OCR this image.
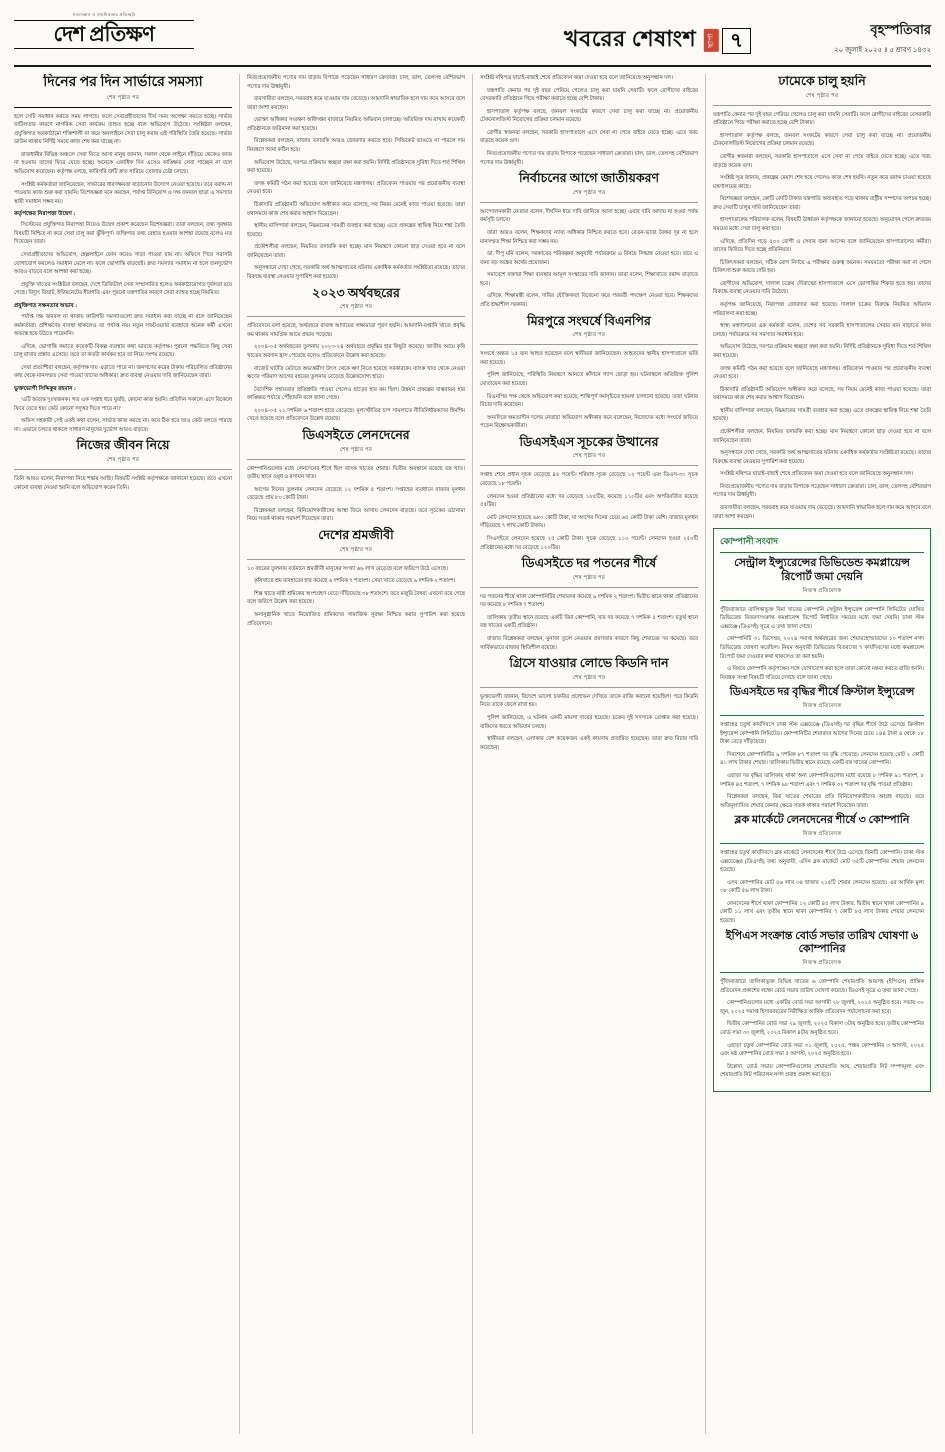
সত্যসন্ধান ও সাহসিকতার প্রতিচ্ছবি
দেশ প্রতিক্ষণ	খবরের শেষাংশ ছাপা ৭	বৃহস্পতিবার
২০ জুলাই ২০২৫ ॥ ৫ শ্রাবণ ১৪৩২
দিনের পর দিন সার্ভারে সমস্যা
শেষ পৃষ্ঠার পর

হলে সেটি সমাধান করতে সময় লাগছে। ফলে সেবাগ্রহীতাদের দীর্ঘ সময় অপেক্ষা করতে হচ্ছে। সার্ভার জটিলতার কারণে নাগরিক সেবা কার্যক্রম ব্যাহত হচ্ছে বলে অভিযোগ উঠেছে। সংশ্লিষ্টরা বলছেন, প্রযুক্তিগত অবকাঠামো শক্তিশালী না করে অনলাইনে সেবা চালু করায় এই পরিস্থিতি তৈরি হয়েছে। সার্ভার ডাউন থাকায় নির্দিষ্ট সময়ে কাজ শেষ করা যাচ্ছে না।

রাজধানীর বিভিন্ন অঞ্চলে সেবা নিতে আসা মানুষ জানান, সকাল থেকে লাইনে দাঁড়িয়ে থেকেও কাজ না হওয়ায় তাদের ফিরে যেতে হচ্ছে। অনেকে একাধিক দিন এসেও কাঙ্ক্ষিত সেবা পাচ্ছেন না বলে অভিযোগ করেছেন। কর্তৃপক্ষ বলছে, কারিগরি ত্রুটি দ্রুত সারিয়ে তোলার চেষ্টা চলছে।

সংশ্লিষ্ট কর্মকর্তারা জানিয়েছেন, সার্ভারের ধারণক্ষমতা বাড়ানোর উদ্যোগ নেওয়া হয়েছে। তবে বরাদ্দ না পাওয়ায় কাজ শুরু করা যায়নি। বিশেষজ্ঞরা মনে করছেন, পর্যাপ্ত বিনিয়োগ ও দক্ষ জনবল ছাড়া এ সমস্যার স্থায়ী সমাধান সম্ভব নয়।

কর্তৃপক্ষের নিরাপত্তা উদ্বেগ :

সিস্টেমের প্রযুক্তিগত নিরাপত্তা নিয়েও উদ্বেগ প্রকাশ করেছেন বিশেষজ্ঞরা। তারা বলছেন, তথ্য সুরক্ষার বিষয়টি নিশ্চিত না করে সেবা চালু করা ঝুঁকিপূর্ণ। ব্যক্তিগত তথ্য বেহাত হওয়ার আশঙ্কা রয়েছে বলেও মত দিয়েছেন তারা।

সেবাগ্রহীতাদের অভিযোগ, হেল্পলাইনে ফোন করেও সাড়া পাওয়া যায় না। অফিসে গিয়ে সরাসরি যোগাযোগ করলেও সমাধান মেলে না। ফলে ভোগান্তি বাড়ছেই। দ্রুত সমস্যার সমাধান না হলে জনদুর্ভোগ আরও বাড়বে বলে আশঙ্কা করা হচ্ছে।

প্রযুক্তি খাতের সংশ্লিষ্টরা বলছেন, দেশে ডিজিটাল সেবা সম্প্রসারিত হলেও অবকাঠামোগত দুর্বলতা রয়ে গেছে। বিদ্যুৎ বিভ্রাট, ইন্টারনেটের ধীরগতি এবং পুরনো যন্ত্রপাতির কারণে সেবা ব্যাহত হচ্ছে নিয়মিত।

প্রযুক্তিগত সক্ষমতার অভাব :

পর্যাপ্ত দক্ষ জনবল না থাকায় কারিগরি সমস্যাগুলো দ্রুত সমাধান করা যাচ্ছে না বলে জানিয়েছেন কর্মকর্তারা। প্রশিক্ষণের ব্যবস্থা থাকলেও তা পর্যাপ্ত নয়। নতুন সফটওয়্যার ব্যবহারে অনেক কর্মী এখনো অভ্যস্ত হয়ে উঠতে পারেননি।

এদিকে, ভোগান্তি কমাতে কয়েকটি বিকল্প ব্যবস্থার কথা ভাবছে কর্তৃপক্ষ। পুরনো পদ্ধতিতে কিছু সেবা চালু রাখার প্রস্তাব এসেছে। তবে তা কতটা কার্যকর হবে তা নিয়ে সংশয় রয়েছে।

সেবা প্রত্যাশীরা বলছেন, কর্তৃপক্ষ দায় এড়াতে পারে না। জনগণের করের টাকায় পরিচালিত প্রতিষ্ঠানের কাছ থেকে মানসম্মত সেবা পাওয়া তাদের অধিকার। দ্রুত ব্যবস্থা নেওয়ার দাবি জানিয়েছেন তারা।

ভুক্তভোগী সিদ্দিকুর রহমান :

'এটি অত্যন্ত দুঃখজনক। গত এক সপ্তাহ ধরে ঘুরছি, কোনো কাজ হয়নি। প্রতিদিন সকালে এসে বিকেলে ফিরে যেতে হয়। কেউ কোনো সদুত্তর দিতে পারে না।'

অফিস সহকারী সেই একই কথা বলেন, সার্ভার কাজ করছে না। কবে ঠিক হবে তাও কেউ বলতে পারছে না। এভাবে চলতে থাকলে সাধারণ মানুষের দুর্ভোগ আরও বাড়বে।

নিজের জীবন নিয়ে
শেষ পৃষ্ঠার পর

তিনি আরও বলেন, নিরাপত্তা নিয়ে শঙ্কায় আছি। বিষয়টি সংশ্লিষ্ট কর্তৃপক্ষকে জানানো হয়েছে। তবে এখনো কোনো ব্যবস্থা নেওয়া হয়নি বলে অভিযোগ করেন তিনি।

নিত্যপ্রয়োজনীয় পণ্যের দাম বাড়ায় বিপাকে পড়েছেন সাধারণ ক্রেতারা। চাল, ডাল, তেলসহ বেশিরভাগ পণ্যের দাম ঊর্ধ্বমুখী।

ব্যবসায়ীরা বলছেন, সরবরাহ কমে যাওয়ায় দাম বেড়েছে। আমদানি স্বাভাবিক হলে দাম কমে আসবে বলে তারা আশা করছেন।

ভোক্তা অধিকার সংরক্ষণ অধিদপ্তর বাজারে নিয়মিত অভিযান চালাচ্ছে। অতিরিক্ত দাম রাখায় কয়েকটি প্রতিষ্ঠানকে জরিমানা করা হয়েছে।

বিশ্লেষকরা বলছেন, বাজার তদারকি আরও জোরদার করতে হবে। সিন্ডিকেট ভাঙতে না পারলে দাম নিয়ন্ত্রণে আনা কঠিন হবে।

অভিযোগ উঠেছে, দরপত্র প্রক্রিয়ায় স্বচ্ছতা রক্ষা করা হয়নি। নির্দিষ্ট প্রতিষ্ঠানকে সুবিধা দিতে শর্ত শিথিল করা হয়েছে।

তদন্ত কমিটি গঠন করা হয়েছে বলে জানিয়েছে মন্ত্রণালয়। প্রতিবেদন পাওয়ার পর প্রয়োজনীয় ব্যবস্থা নেওয়া হবে।

ঠিকাদারি প্রতিষ্ঠানটি অভিযোগ অস্বীকার করে বলেছে, সব নিয়ম মেনেই কাজ পাওয়া হয়েছে। তারা যথাসময়ে কাজ শেষ করার আশ্বাস দিয়েছেন।

স্থানীয় বাসিন্দারা বলছেন, নিম্নমানের সামগ্রী ব্যবহার করা হচ্ছে। এতে প্রকল্পের স্থায়িত্ব নিয়ে শঙ্কা তৈরি হয়েছে।

প্রকৌশলীরা বলছেন, নিয়মিত তদারকি করা হচ্ছে। মান নিয়ন্ত্রণে কোনো ছাড় দেওয়া হবে না বলে জানিয়েছেন তারা।

অনুসন্ধানে দেখা গেছে, সরকারি অর্থ আত্মসাতের ঘটনায় একাধিক কর্মকর্তার সংশ্লিষ্টতা রয়েছে। তাদের বিরুদ্ধে ব্যবস্থা নেওয়ার সুপারিশ করা হয়েছে।

২০২৩ অর্থবছরের
শেষ পৃষ্ঠার পর

প্রতিবেদনে বলা হয়েছে, অর্থবছরে রাজস্ব আদায়ের লক্ষ্যমাত্রা পূরণ হয়নি। আমদানি-রপ্তানি খাতে প্রবৃদ্ধি কম থাকায় সামগ্রিক আয়ে প্রভাব পড়েছে।

২০০৪-০৫ অর্থবছরের তুলনায় ২০২৩-২৪ অর্থবছরে প্রবৃদ্ধির হার কিছুটা কমেছে। জাতীয় আয়ে কৃষি খাতের অবদান হ্রাস পেয়েছে বলেও প্রতিবেদনে উল্লেখ করা হয়েছে।

বাজেট ঘাটতি মেটাতে অভ্যন্তরীণ উৎস থেকে ঋণ নিতে হয়েছে সরকারকে। ব্যাংক খাত থেকে নেওয়া ঋণের পরিমাণ আগের বছরের তুলনায় বেড়েছে উল্লেখযোগ্য হারে।

বৈদেশিক সহায়তার প্রতিশ্রুতি পাওয়া গেলেও ছাড়ের হার কম ছিল। উন্নয়ন প্রকল্পের বাস্তবায়ন হার কাঙ্ক্ষিত পর্যায়ে পৌঁছায়নি বলে জানা গেছে।

২০০৪-০৫ ২১ দশমিক ৬ শতাংশ হারে বেড়েছে। মূল্যস্ফীতির চাপ সামলাতে নীতিনির্ধারকদের হিমশিম খেতে হয়েছে বলে প্রতিবেদনে উল্লেখ রয়েছে।

ডিএসইতে লেনদেনের
শেষ পৃষ্ঠার পর

কোম্পানিগুলোর মধ্যে লেনদেনের শীর্ষে ছিল ব্যাংক খাতের শেয়ার। দ্বিতীয় অবস্থানে রয়েছে বস্ত্র খাত। তৃতীয় স্থানে ওষুধ ও রসায়ন খাত।

আগের দিনের তুলনায় লেনদেন বেড়েছে ১২ দশমিক ৫ শতাংশ। সপ্তাহের ব্যবধানে বাজার মূলধন বেড়েছে প্রায় ৮০ কোটি টাকা।

বিশ্লেষকরা বলছেন, বিনিয়োগকারীদের আস্থা ফিরে আসায় লেনদেন বাড়ছে। তবে সূচকের ওঠানামা নিয়ে সতর্ক থাকার পরামর্শ দিয়েছেন তারা।

দেশের শ্রমজীবী
শেষ পৃষ্ঠার পর

১০ বছরের তুলনায় বর্তমানে শ্রমজীবী মানুষের সংখ্যা ৬৬ লাখ বেড়েছে বলে জরিপে উঠে এসেছে।

কৃষিখাতে শ্রম ব্যবহারের হার কমেছে ৬ দশমিক ৭ শতাংশ। সেবা খাতে বেড়েছে ৯ দশমিক ২ শতাংশ।

শিল্প খাতে নারী শ্রমিকের অংশগ্রহণ বেড়ে দাঁড়িয়েছে ৩৮ শতাংশে। তবে মজুরি বৈষম্য এখনো রয়ে গেছে বলে জরিপে উল্লেখ করা হয়েছে।

অনানুষ্ঠানিক খাতে নিয়োজিত শ্রমিকদের সামাজিক সুরক্ষা নিশ্চিত করার সুপারিশ করা হয়েছে প্রতিবেদনে।

সংশ্লিষ্ট নথিপত্র যাচাই-বাছাই শেষে প্রতিবেদন জমা দেওয়া হবে বলে জানিয়েছে অনুসন্ধান দল।

যন্ত্রপাতি কেনার পর দুই বছর পেরিয়ে গেলেও চালু করা যায়নি সেবাটি। ফলে রোগীদের বাইরের বেসরকারি প্রতিষ্ঠানে গিয়ে পরীক্ষা করাতে হচ্ছে বেশি টাকায়।

হাসপাতাল কর্তৃপক্ষ বলছে, জনবল সংকটের কারণে সেবা চালু করা যাচ্ছে না। প্রয়োজনীয় টেকনোলজিস্ট নিয়োগের প্রক্রিয়া চলমান রয়েছে।

রোগীর স্বজনরা বলছেন, সরকারি হাসপাতালে এসে সেবা না পেয়ে বাইরে যেতে হচ্ছে। এতে খরচ বাড়ছে কয়েক গুণ।

নিত্যপ্রয়োজনীয় পণ্যের দাম বাড়ায় বিপাকে পড়েছেন সাধারণ ক্রেতারা। চাল, ডাল, তেলসহ বেশিরভাগ পণ্যের দাম ঊর্ধ্বমুখী।

নির্বাচনের আগে জাতীয়করণ
শেষ পৃষ্ঠার পর

আন্দোলনকারী নেতারা বলেন, দীর্ঘদিন ধরে দাবি জানিয়ে আসা হচ্ছে। এবার দাবি আদায় না হওয়া পর্যন্ত কর্মসূচি চলবে।

তারা আরও বলেন, শিক্ষকদের ন্যায্য অধিকার নিশ্চিত করতে হবে। বেতন-ভাতা বৈষম্য দূর না হলে মানসম্মত শিক্ষা নিশ্চিত করা সম্ভব নয়।

ডা. দীপু মনি বলেন, সরকারের পরিকল্পনা অনুযায়ী পর্যায়ক্রমে এ বিষয়ে সিদ্ধান্ত নেওয়া হবে। তবে এ জন্য বড় অঙ্কের অর্থের প্রয়োজন।

সমাবেশে বক্তারা শিক্ষা ব্যবস্থার আমূল সংস্কারের দাবি জানান। তারা বলেন, শিক্ষাখাতে বরাদ্দ বাড়াতে হবে।

এদিকে, শিক্ষামন্ত্রী বলেন, দাবির যৌক্তিকতা বিবেচনা করে পরবর্তী পদক্ষেপ নেওয়া হবে। শিক্ষকদের প্রতি শ্রদ্ধাশীল সরকার।

মিরপুরে সংঘর্ষে বিএনপির
শেষ পৃষ্ঠার পর

সংঘর্ষে অন্তত ১৫ জন আহত হয়েছেন বলে স্থানীয়রা জানিয়েছেন। আহতদের স্থানীয় হাসপাতালে ভর্তি করা হয়েছে।

পুলিশ জানিয়েছে, পরিস্থিতি নিয়ন্ত্রণে আনতে কাঁদানে গ্যাস ছোড়া হয়। ঘটনাস্থলে অতিরিক্ত পুলিশ মোতায়েন করা হয়েছে।

বিএনপির পক্ষ থেকে অভিযোগ করা হয়েছে, শান্তিপূর্ণ কর্মসূচিতে হামলা চালানো হয়েছে। তারা ঘটনার বিচার দাবি করেছেন।

অন্যদিকে ক্ষমতাসীন দলের নেতারা অভিযোগ অস্বীকার করে বলেছেন, নিজেদের মধ্যে সংঘর্ষে জড়িয়ে পড়েন বিক্ষোভকারীরা।

ডিএসইএস সূচকের উত্থানের
শেষ পৃষ্ঠার পর

সপ্তাহ শেষে প্রধান সূচক বেড়েছে ৪৫ পয়েন্ট। শরিয়াহ সূচক বেড়েছে ১২ পয়েন্ট এবং ডিএস-৩০ সূচক বেড়েছে ১৮ পয়েন্ট।

লেনদেন হওয়া প্রতিষ্ঠানের মধ্যে দর বেড়েছে ১৮৫টির, কমেছে ১১০টির এবং অপরিবর্তিত রয়েছে ৫৫টির।

মোট লেনদেন হয়েছে ৬৮০ কোটি টাকা, যা আগের দিনের চেয়ে ৬৫ কোটি টাকা বেশি। বাজার মূলধন দাঁড়িয়েছে ৭ লাখ কোটি টাকায়।

সিএসইতে লেনদেন হয়েছে ২৫ কোটি টাকা। সূচক বেড়েছে ১১০ পয়েন্ট। লেনদেন হওয়া ২৫০টি প্রতিষ্ঠানের মধ্যে দর বেড়েছে ১২০টির।

ডিএসইতে দর পতনের শীর্ষে
শেষ পৃষ্ঠার পর

দর পতনের শীর্ষে থাকা কোম্পানিটির শেয়ারদর কমেছে ৯ দশমিক ২ শতাংশ। দ্বিতীয় স্থানে থাকা প্রতিষ্ঠানের দর কমেছে ৮ দশমিক ৭ শতাংশ।

তালিকায় তৃতীয় স্থানে রয়েছে একটি বিমা কোম্পানি, যার দর কমেছে ৭ দশমিক ৫ শতাংশ। চতুর্থ স্থানে বস্ত্র খাতের একটি প্রতিষ্ঠান।

বাজার বিশ্লেষকরা বলছেন, মুনাফা তুলে নেওয়ার প্রবণতার কারণে কিছু শেয়ারের দর কমেছে। তবে সার্বিকভাবে বাজার স্থিতিশীল রয়েছে।

গ্রিসে যাওয়ার লোভে কিডনি দান
শেষ পৃষ্ঠার পর

ভুক্তভোগী জানান, বিদেশে ভালো চাকরির প্রলোভন দেখিয়ে তাকে রাজি করানো হয়েছিল। পরে কিডনি নিয়ে তাকে ফেলে রাখা হয়।

পুলিশ জানিয়েছে, এ ঘটনায় একটি মামলা দায়ের হয়েছে। চক্রের দুই সদস্যকে গ্রেপ্তার করা হয়েছে। বাকিদের ধরতে অভিযান চলছে।

স্থানীয়রা বলছেন, এলাকার বেশ কয়েকজন একই কায়দায় প্রতারিত হয়েছেন। তারা দ্রুত বিচার দাবি করেছেন।

ঢামেকে চালু হয়নি
শেষ পৃষ্ঠার পর

যন্ত্রপাতি কেনার পর দুই বছর পেরিয়ে গেলেও চালু করা যায়নি সেবাটি। ফলে রোগীদের বাইরের বেসরকারি প্রতিষ্ঠানে গিয়ে পরীক্ষা করাতে হচ্ছে বেশি টাকায়।

হাসপাতাল কর্তৃপক্ষ বলছে, জনবল সংকটের কারণে সেবা চালু করা যাচ্ছে না। প্রয়োজনীয় টেকনোলজিস্ট নিয়োগের প্রক্রিয়া চলমান রয়েছে।

রোগীর স্বজনরা বলছেন, সরকারি হাসপাতালে এসে সেবা না পেয়ে বাইরে যেতে হচ্ছে। এতে খরচ বাড়ছে কয়েক গুণ।

সংশ্লিষ্ট সূত্র জানায়, প্রকল্পের মেয়াদ শেষ হয়ে গেলেও কাজ শেষ হয়নি। নতুন করে বরাদ্দ চাওয়া হয়েছে মন্ত্রণালয়ের কাছে।

বিশেষজ্ঞরা বলছেন, কোটি কোটি টাকার যন্ত্রপাতি অব্যবহৃত পড়ে থাকায় রাষ্ট্রীয় সম্পদের অপচয় হচ্ছে। দ্রুত সেবাটি চালুর দাবি জানিয়েছেন তারা।

হাসপাতালের পরিচালক বলেন, বিষয়টি ঊর্ধ্বতন কর্তৃপক্ষকে জানানো হয়েছে। অনুমোদন পেলে দ্রুততম সময়ের মধ্যে সেবা চালু করা হবে।

এদিকে, প্রতিদিন গড়ে ৫০০ রোগী এ সেবার জন্য আসেন বলে জানিয়েছেন হাসপাতালের কর্মীরা। তাদের ফিরিয়ে দিতে হচ্ছে প্রতিনিয়ত।

চিকিৎসকরা বলছেন, সঠিক রোগ নির্ণয়ে এ পরীক্ষার গুরুত্ব অনেক। সময়মতো পরীক্ষা করা না গেলে চিকিৎসা শুরু করতে দেরি হয়।

রোগীদের অভিযোগ, দালাল চক্রের দৌরাত্ম্যে হাসপাতালে এসে ভোগান্তির শিকার হতে হয়। তাদের বিরুদ্ধে ব্যবস্থা নেওয়ার দাবি উঠেছে।

কর্তৃপক্ষ জানিয়েছে, নিরাপত্তা জোরদার করা হয়েছে। দালাল চক্রের বিরুদ্ধে নিয়মিত অভিযান পরিচালনা করা হচ্ছে।

স্বাস্থ্য মন্ত্রণালয়ের এক কর্মকর্তা বলেন, দেশের সব সরকারি হাসপাতালের সেবার মান বাড়াতে কাজ চলছে। পর্যায়ক্রমে সব সমস্যার সমাধান হবে।

অভিযোগ উঠেছে, দরপত্র প্রক্রিয়ায় স্বচ্ছতা রক্ষা করা হয়নি। নির্দিষ্ট প্রতিষ্ঠানকে সুবিধা দিতে শর্ত শিথিল করা হয়েছে।

তদন্ত কমিটি গঠন করা হয়েছে বলে জানিয়েছে মন্ত্রণালয়। প্রতিবেদন পাওয়ার পর প্রয়োজনীয় ব্যবস্থা নেওয়া হবে।

ঠিকাদারি প্রতিষ্ঠানটি অভিযোগ অস্বীকার করে বলেছে, সব নিয়ম মেনেই কাজ পাওয়া হয়েছে। তারা যথাসময়ে কাজ শেষ করার আশ্বাস দিয়েছেন।

স্থানীয় বাসিন্দারা বলছেন, নিম্নমানের সামগ্রী ব্যবহার করা হচ্ছে। এতে প্রকল্পের স্থায়িত্ব নিয়ে শঙ্কা তৈরি হয়েছে।

প্রকৌশলীরা বলছেন, নিয়মিত তদারকি করা হচ্ছে। মান নিয়ন্ত্রণে কোনো ছাড় দেওয়া হবে না বলে জানিয়েছেন তারা।

অনুসন্ধানে দেখা গেছে, সরকারি অর্থ আত্মসাতের ঘটনায় একাধিক কর্মকর্তার সংশ্লিষ্টতা রয়েছে। তাদের বিরুদ্ধে ব্যবস্থা নেওয়ার সুপারিশ করা হয়েছে।

সংশ্লিষ্ট নথিপত্র যাচাই-বাছাই শেষে প্রতিবেদন জমা দেওয়া হবে বলে জানিয়েছে অনুসন্ধান দল।

নিত্যপ্রয়োজনীয় পণ্যের দাম বাড়ায় বিপাকে পড়েছেন সাধারণ ক্রেতারা। চাল, ডাল, তেলসহ বেশিরভাগ পণ্যের দাম ঊর্ধ্বমুখী।

ব্যবসায়ীরা বলছেন, সরবরাহ কমে যাওয়ায় দাম বেড়েছে। আমদানি স্বাভাবিক হলে দাম কমে আসবে বলে তারা আশা করছেন।

কোম্পানী সংবাদ
সেন্ট্রাল ইন্স্যুরেন্সের ডিভিডেন্ড কমপ্লায়েন্স রিপোর্ট জমা দেয়নি
নিজস্ব প্রতিবেদক

পুঁজিবাজারে তালিকাভুক্ত বিমা খাতের কোম্পানি সেন্ট্রাল ইন্স্যুরেন্স কোম্পানি লিমিটেড ঘোষিত ডিভিডেন্ড বিতরণসংক্রান্ত কমপ্লায়েন্স রিপোর্ট নির্ধারিত সময়ের মধ্যে জমা দেয়নি। ঢাকা স্টক এক্সচেঞ্জ (ডিএসই) সূত্রে এ তথ্য জানা গেছে।

কোম্পানিটি ৩১ ডিসেম্বর, ২০২৪ সমাপ্ত অর্থবছরের জন্য শেয়ারহোল্ডারদের ১০ শতাংশ নগদ ডিভিডেন্ড ঘোষণা করেছিল। নিয়ম অনুযায়ী ডিভিডেন্ড বিতরণের ৭ কার্যদিবসের মধ্যে কমপ্লায়েন্স রিপোর্ট জমা দেওয়ার কথা থাকলেও তা করা হয়নি।

এ বিষয়ে কোম্পানি কর্তৃপক্ষের সঙ্গে যোগাযোগ করা হলে তারা কোনো মন্তব্য করতে রাজি হননি। নিয়ন্ত্রক সংস্থা বিষয়টি খতিয়ে দেখছে বলে জানা গেছে।

ডিএসইতে দর বৃদ্ধির শীর্ষে ক্রিস্টাল ইন্স্যুরেন্স
নিজস্ব প্রতিবেদক

সপ্তাহের চতুর্থ কার্যদিবসে ঢাকা স্টক এক্সচেঞ্জে (ডিএসই) দর বৃদ্ধির শীর্ষে উঠে এসেছে ক্রিস্টাল ইন্স্যুরেন্স কোম্পানি লিমিটেড। কোম্পানিটির শেয়ারদর আগের দিনের চেয়ে ১৪৪ টাকা ৪ থেকে ১৮ টাকা বেড়ে দাঁড়িয়েছে।

দিনশেষে কোম্পানিটির ৯ দশমিক ৮৭ শতাংশ দর বৃদ্ধি পেয়েছে। লেনদেন হয়েছে মোট ২ কোটি ৪১ লাখ টাকার শেয়ার। তালিকায় দ্বিতীয় স্থানে রয়েছে একটি বস্ত্র খাতের কোম্পানি।

এছাড়া দর বৃদ্ধির তালিকায় থাকা অন্য কোম্পানিগুলোর মধ্যে রয়েছে ৮ দশমিক ৯১ শতাংশ, ৮ দশমিক ৪৫ শতাংশ, ৭ দশমিক ৯৮ শতাংশ এবং ৭ দশমিক ৩২ শতাংশ দর বৃদ্ধি পাওয়া প্রতিষ্ঠান।

বিশ্লেষকরা বলছেন, বিমা খাতের শেয়ারের প্রতি বিনিয়োগকারীদের আগ্রহ বাড়ছে। তবে অতিমূল্যায়িত শেয়ার কেনার ক্ষেত্রে সতর্ক থাকার পরামর্শ দিয়েছেন তারা।

ব্লক মার্কেটে লেনদেনের শীর্ষে ৩ কোম্পানি
নিজস্ব প্রতিবেদক

সপ্তাহের চতুর্থ কার্যদিবসে ব্লক মার্কেটে লেনদেনের শীর্ষে উঠে এসেছে তিনটি কোম্পানি। ঢাকা স্টক এক্সচেঞ্জের (ডিএসই) তথ্য অনুযায়ী, এদিন ব্লক মার্কেটে মোট ৩৫টি কোম্পানির শেয়ার লেনদেন হয়েছে।

এসব কোম্পানির মোট ৫৬ লাখ ৩৪ হাজার ২১৫টি শেয়ার লেনদেন হয়েছে। এর আর্থিক মূল্য ৩৮ কোটি ৫৬ লাখ টাকা।

লেনদেনের শীর্ষে থাকা কোম্পানির ১২ কোটি ৪৫ লাখ টাকার, দ্বিতীয় স্থানে থাকা কোম্পানির ৯ কোটি ১১ লাখ এবং তৃতীয় স্থানে থাকা কোম্পানির ৭ কোটি ৮৫ লাখ টাকার শেয়ার লেনদেন হয়েছে।

ইপিএস সংক্রান্ত বোর্ড সভার তারিখ ঘোষণা ৬ কোম্পানির
নিজস্ব প্রতিবেদক

পুঁজিবাজারে তালিকাভুক্ত বিভিন্ন খাতের ৬ কোম্পানি শেয়ারপ্রতি আয়সহ (ইপিএস) প্রান্তিক প্রতিবেদন প্রকাশের লক্ষ্যে বোর্ড সভার তারিখ ঘোষণা করেছে। ডিএসই সূত্রে এ তথ্য জানা গেছে।

কোম্পানিগুলোর মধ্যে একটির বোর্ড সভা আগামী ২৮ জুলাই, ২০২৫ অনুষ্ঠিত হবে। সভায় ৩০ জুন, ২০২৫ সমাপ্ত হিসাববছরের নিরীক্ষিত আর্থিক প্রতিবেদন পর্যালোচনা করা হবে।

দ্বিতীয় কোম্পানির বোর্ড সভা ২৯ জুলাই, ২০২৫ বিকাল ৩টায় অনুষ্ঠিত হবে। তৃতীয় কোম্পানির বোর্ড সভা ৩০ জুলাই, ২০২৫ বিকাল ৪টায় অনুষ্ঠিত হবে।

এছাড়া চতুর্থ কোম্পানির বোর্ড সভা ৩১ জুলাই, ২০২৫, পঞ্চম কোম্পানির ৩ আগস্ট, ২০২৫ এবং ষষ্ঠ কোম্পানির বোর্ড সভা ৫ আগস্ট, ২০২৫ অনুষ্ঠিত হবে।

উল্লেখ্য, বোর্ড সভায় কোম্পানিগুলোর শেয়ারপ্রতি আয়, শেয়ারপ্রতি নিট সম্পদমূল্য এবং শেয়ারপ্রতি নিট পরিচালন নগদ প্রবাহ প্রকাশ করা হবে।
